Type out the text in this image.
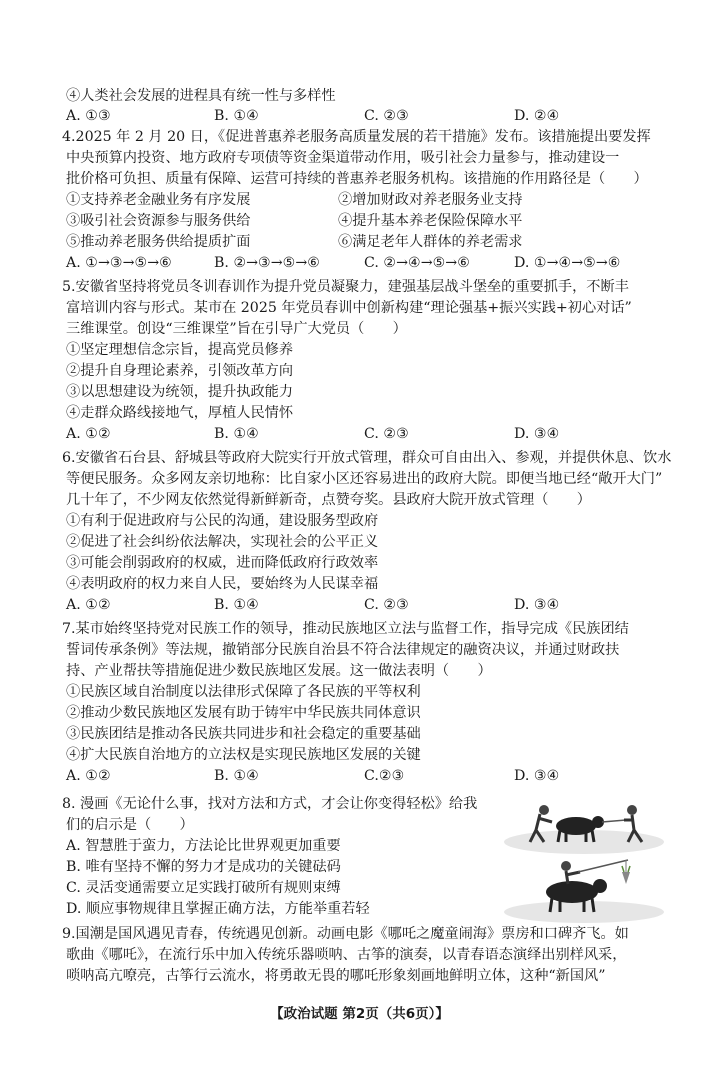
④人类社会发展的进程具有统一性与多样性
A. ①③	B. ①④	C. ②③	D. ②④
4.2025 年 2 月 20 日，《促进普惠养老服务高质量发展的若干措施》发布。该措施提出要发挥
中央预算内投资、地方政府专项债等资金渠道带动作用，吸引社会力量参与，推动建设一
批价格可负担、质量有保障、运营可持续的普惠养老服务机构。该措施的作用路径是（　　）
①支持养老金融业务有序发展	②增加财政对养老服务业支持
③吸引社会资源参与服务供给	④提升基本养老保险保障水平
⑤推动养老服务供给提质扩面	⑥满足老年人群体的养老需求
A. ①→③→⑤→⑥	B. ②→③→⑤→⑥	C. ②→④→⑤→⑥	D. ①→④→⑤→⑥
5.安徽省坚持将党员冬训春训作为提升党员凝聚力，建强基层战斗堡垒的重要抓手，不断丰
富培训内容与形式。某市在 2025 年党员春训中创新构建“理论强基+振兴实践+初心对话”
三维课堂。创设“三维课堂”旨在引导广大党员（　　）
①坚定理想信念宗旨，提高党员修养
②提升自身理论素养，引领改革方向
③以思想建设为统领，提升执政能力
④走群众路线接地气，厚植人民情怀
A. ①②	B. ①④	C. ②③	D. ③④
6.安徽省石台县、舒城县等政府大院实行开放式管理，群众可自由出入、参观，并提供休息、饮水
等便民服务。众多网友亲切地称：比自家小区还容易进出的政府大院。即便当地已经“敞开大门”
几十年了，不少网友依然觉得新鲜新奇，点赞夸奖。县政府大院开放式管理（　　）
①有利于促进政府与公民的沟通，建设服务型政府
②促进了社会纠纷依法解决，实现社会的公平正义
③可能会削弱政府的权威，进而降低政府行政效率
④表明政府的权力来自人民，要始终为人民谋幸福
A. ①②	B. ①④	C. ②③	D. ③④
7.某市始终坚持党对民族工作的领导，推动民族地区立法与监督工作，指导完成《民族团结
誓词传承条例》等法规，撤销部分民族自治县不符合法律规定的融资决议，并通过财政扶
持、产业帮扶等措施促进少数民族地区发展。这一做法表明（　　）
①民族区域自治制度以法律形式保障了各民族的平等权利
②推动少数民族地区发展有助于铸牢中华民族共同体意识
③民族团结是推动各民族共同进步和社会稳定的重要基础
④扩大民族自治地方的立法权是实现民族地区发展的关键
A. ①②	B. ①④	C.②③	D. ③④
8. 漫画《无论什么事，找对方法和方式，才会让你变得轻松》给我
们的启示是（　　）
A. 智慧胜于蛮力，方法论比世界观更加重要
B. 唯有坚持不懈的努力才是成功的关键砝码
C. 灵活变通需要立足实践打破所有规则束缚
D. 顺应事物规律且掌握正确方法，方能举重若轻
9.国潮是国风遇见青春，传统遇见创新。动画电影《哪吒之魔童闹海》票房和口碑齐飞。如
歌曲《哪吒》，在流行乐中加入传统乐器唢呐、古筝的演奏，以青春语态演绎出别样风采，
唢呐高亢嘹亮，古筝行云流水，将勇敢无畏的哪吒形象刻画地鲜明立体，这种“新国风”
【政治试题 第2页（共6页）】
